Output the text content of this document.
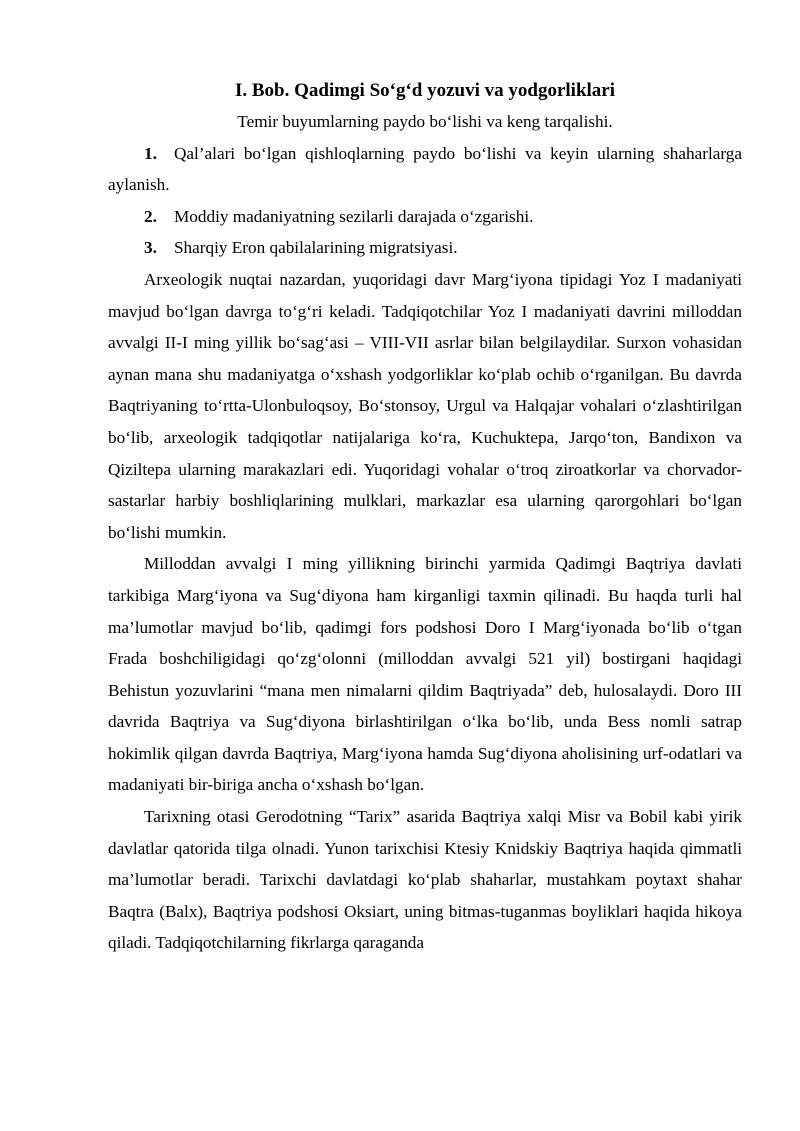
I. Bob. Qadimgi So‘g‘d yozuvi va yodgorliklari

Temir buyumlarning paydo bo‘lishi va keng tarqalishi.

1. Qal’alari bo‘lgan qishloqlarning paydo bo‘lishi va keyin ularning shaharlarga aylanish.

2. Moddiy madaniyatning sezilarli darajada o‘zgarishi.

3. Sharqiy Eron qabilalarining migratsiyasi.

Arxeologik nuqtai nazardan, yuqoridagi davr Marg‘iyona tipidagi Yoz I madaniyati mavjud bo‘lgan davrga to‘g‘ri keladi. Tadqiqotchilar Yoz I madaniyati davrini milloddan avvalgi II-I ming yillik bo‘sag‘asi – VIII-VII asrlar bilan belgilaydilar. Surxon vohasidan aynan mana shu madaniyatga o‘xshash yodgorliklar ko‘plab ochib o‘rganilgan. Bu davrda Baqtriyaning to‘rtta-Ulonbuloqsoy, Bo‘stonsoy, Urgul va Halqajar vohalari o‘zlashtirilgan bo‘lib, arxeologik tadqiqotlar natijalariga ko‘ra, Kuchuktepa, Jarqo‘ton, Bandixon va Qiziltepa ularning marakazlari edi. Yuqoridagi vohalar o‘troq ziroatkorlar va chorvador-sastarlar harbiy boshliqlarining mulklari, markazlar esa ularning qarorgohlari bo‘lgan bo‘lishi mumkin.

Milloddan avvalgi I ming yillikning birinchi yarmida Qadimgi Baqtriya davlati tarkibiga Marg‘iyona va Sug‘diyona ham kirganligi taxmin qilinadi. Bu haqda turli hal ma’lumotlar mavjud bo‘lib, qadimgi fors podshosi Doro I Marg‘iyonada bo‘lib o‘tgan Frada boshchiligidagi qo‘zg‘olonni (milloddan avvalgi 521 yil) bostirgani haqidagi Behistun yozuvlarini “mana men nimalarni qildim Baqtriyada” deb, hulosalaydi. Doro III davrida Baqtriya va Sug‘diyona birlashtirilgan o‘lka bo‘lib, unda Bess nomli satrap hokimlik qilgan davrda Baqtriya, Marg‘iyona hamda Sug‘diyona aholisining urf-odatlari va madaniyati bir-biriga ancha o‘xshash bo‘lgan.

Tarixning otasi Gerodotning “Tarix” asarida Baqtriya xalqi Misr va Bobil kabi yirik davlatlar qatorida tilga olnadi. Yunon tarixchisi Ktesiy Knidskiy Baqtriya haqida qimmatli ma’lumotlar beradi. Tarixchi davlatdagi ko‘plab shaharlar, mustahkam poytaxt shahar Baqtra (Balx), Baqtriya podshosi Oksiart, uning bitmas-tuganmas boyliklari haqida hikoya qiladi. Tadqiqotchilarning fikrlarga qaraganda
